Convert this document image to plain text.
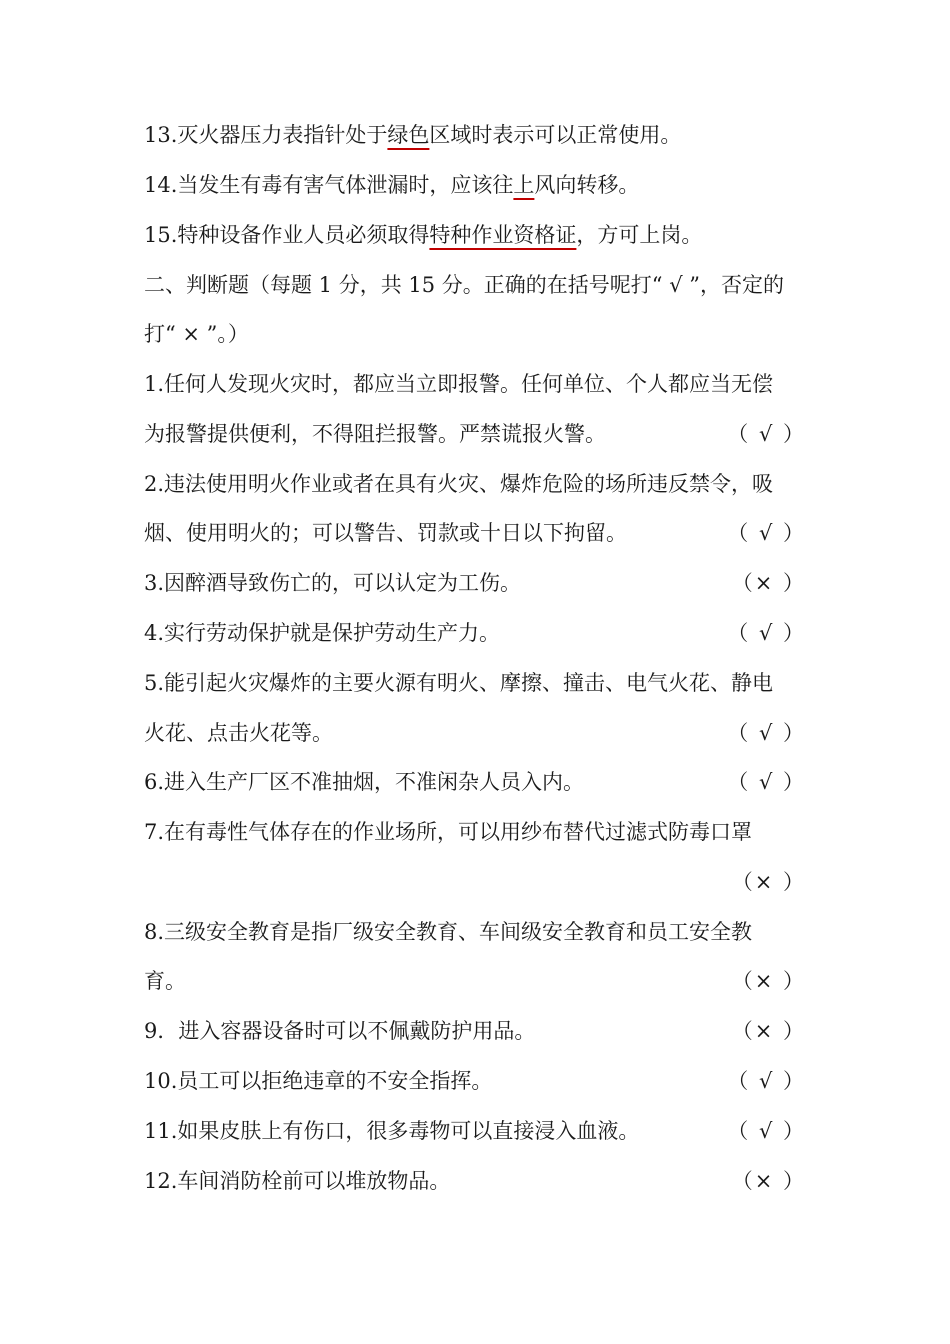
13.灭火器压力表指针处于绿色区域时表示可以正常使用。
14.当发生有毒有害气体泄漏时，应该往上风向转移。
15.特种设备作业人员必须取得特种作业资格证，方可上岗。
二、判断题（每题 1 分，共 15 分。正确的在括号呢打“ √ ”，否定的
打“ × ”。）
1.任何人发现火灾时，都应当立即报警。任何单位、个人都应当无偿
为报警提供便利，不得阻拦报警。严禁谎报火警。	（ √ ）
2.违法使用明火作业或者在具有火灾、爆炸危险的场所违反禁令，吸
烟、使用明火的；可以警告、罚款或十日以下拘留。	（ √ ）
3.因醉酒导致伤亡的，可以认定为工伤。	（× ）
4.实行劳动保护就是保护劳动生产力。	（ √ ）
5.能引起火灾爆炸的主要火源有明火、摩擦、撞击、电气火花、静电
火花、点击火花等。	（ √ ）
6.进入生产厂区不准抽烟，不准闲杂人员入内。	（ √ ）
7.在有毒性气体存在的作业场所，可以用纱布替代过滤式防毒口罩
（× ）
8.三级安全教育是指厂级安全教育、车间级安全教育和员工安全教
育。	（× ）
9．进入容器设备时可以不佩戴防护用品。	（× ）
10.员工可以拒绝违章的不安全指挥。	（ √ ）
11.如果皮肤上有伤口，很多毒物可以直接浸入血液。	（ √ ）
12.车间消防栓前可以堆放物品。	（× ）
